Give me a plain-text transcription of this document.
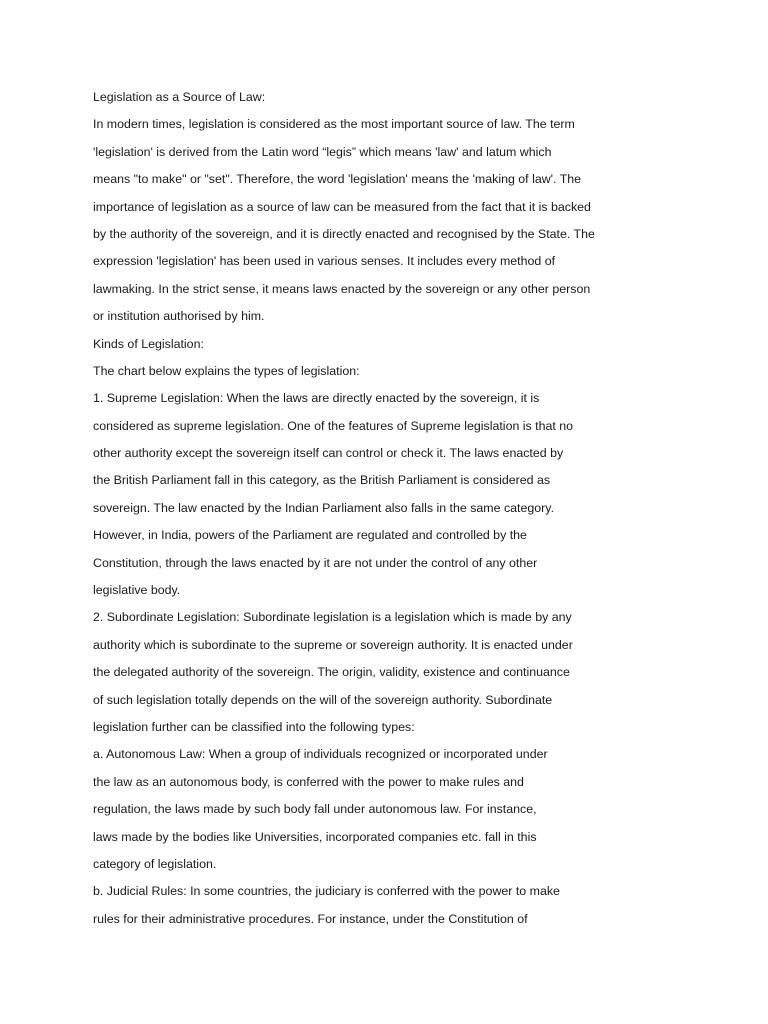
Legislation as a Source of Law:
In modern times, legislation is considered as the most important source of law. The term
'legislation' is derived from the Latin word “legis” which means 'law' and latum which
means "to make" or "set". Therefore, the word 'legislation' means the 'making of law'. The
importance of legislation as a source of law can be measured from the fact that it is backed
by the authority of the sovereign, and it is directly enacted and recognised by the State. The
expression 'legislation' has been used in various senses. It includes every method of
lawmaking. In the strict sense, it means laws enacted by the sovereign or any other person
or institution authorised by him.
Kinds of Legislation:
The chart below explains the types of legislation:
1. Supreme Legislation: When the laws are directly enacted by the sovereign, it is
considered as supreme legislation. One of the features of Supreme legislation is that no
other authority except the sovereign itself can control or check it. The laws enacted by
the British Parliament fall in this category, as the British Parliament is considered as
sovereign. The law enacted by the Indian Parliament also falls in the same category.
However, in India, powers of the Parliament are regulated and controlled by the
Constitution, through the laws enacted by it are not under the control of any other
legislative body.
2. Subordinate Legislation: Subordinate legislation is a legislation which is made by any
authority which is subordinate to the supreme or sovereign authority. It is enacted under
the delegated authority of the sovereign. The origin, validity, existence and continuance
of such legislation totally depends on the will of the sovereign authority. Subordinate
legislation further can be classified into the following types:
a. Autonomous Law: When a group of individuals recognized or incorporated under
the law as an autonomous body, is conferred with the power to make rules and
regulation, the laws made by such body fall under autonomous law. For instance,
laws made by the bodies like Universities, incorporated companies etc. fall in this
category of legislation.
b. Judicial Rules: In some countries, the judiciary is conferred with the power to make
rules for their administrative procedures. For instance, under the Constitution of
